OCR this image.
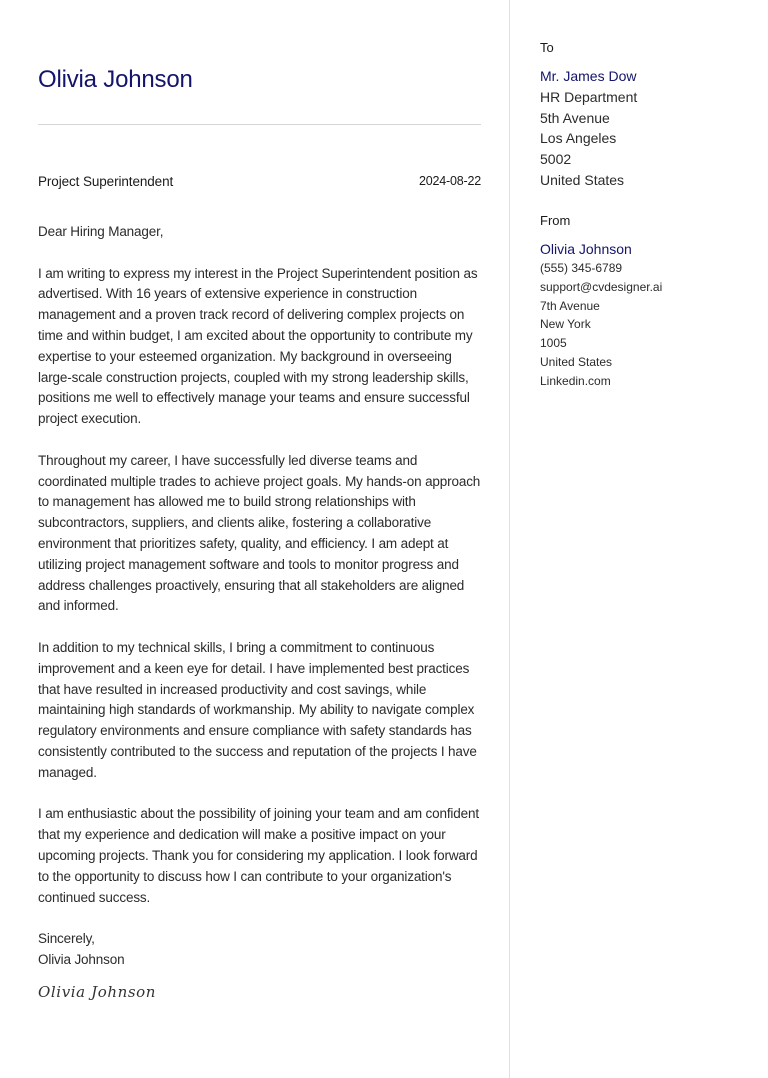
Olivia Johnson
Project Superintendent	2024-08-22

Dear Hiring Manager,

I am writing to express my interest in the Project Superintendent position as advertised. With 16 years of extensive experience in construction management and a proven track record of delivering complex projects on time and within budget, I am excited about the opportunity to contribute my expertise to your esteemed organization. My background in overseeing large-scale construction projects, coupled with my strong leadership skills, positions me well to effectively manage your teams and ensure successful project execution.

Throughout my career, I have successfully led diverse teams and coordinated multiple trades to achieve project goals. My hands-on approach to management has allowed me to build strong relationships with subcontractors, suppliers, and clients alike, fostering a collaborative environment that prioritizes safety, quality, and efficiency. I am adept at utilizing project management software and tools to monitor progress and address challenges proactively, ensuring that all stakeholders are aligned and informed.

In addition to my technical skills, I bring a commitment to continuous improvement and a keen eye for detail. I have implemented best practices that have resulted in increased productivity and cost savings, while maintaining high standards of workmanship. My ability to navigate complex regulatory environments and ensure compliance with safety standards has consistently contributed to the success and reputation of the projects I have managed.

I am enthusiastic about the possibility of joining your team and am confident that my experience and dedication will make a positive impact on your upcoming projects. Thank you for considering my application. I look forward to the opportunity to discuss how I can contribute to your organization's continued success.

Sincerely,
Olivia Johnson

Olivia Johnson
To
Mr. James Dow
HR Department
5th Avenue
Los Angeles
5002
United States
From
Olivia Johnson
(555) 345-6789
support@cvdesigner.ai
7th Avenue
New York
1005
United States
Linkedin.com
